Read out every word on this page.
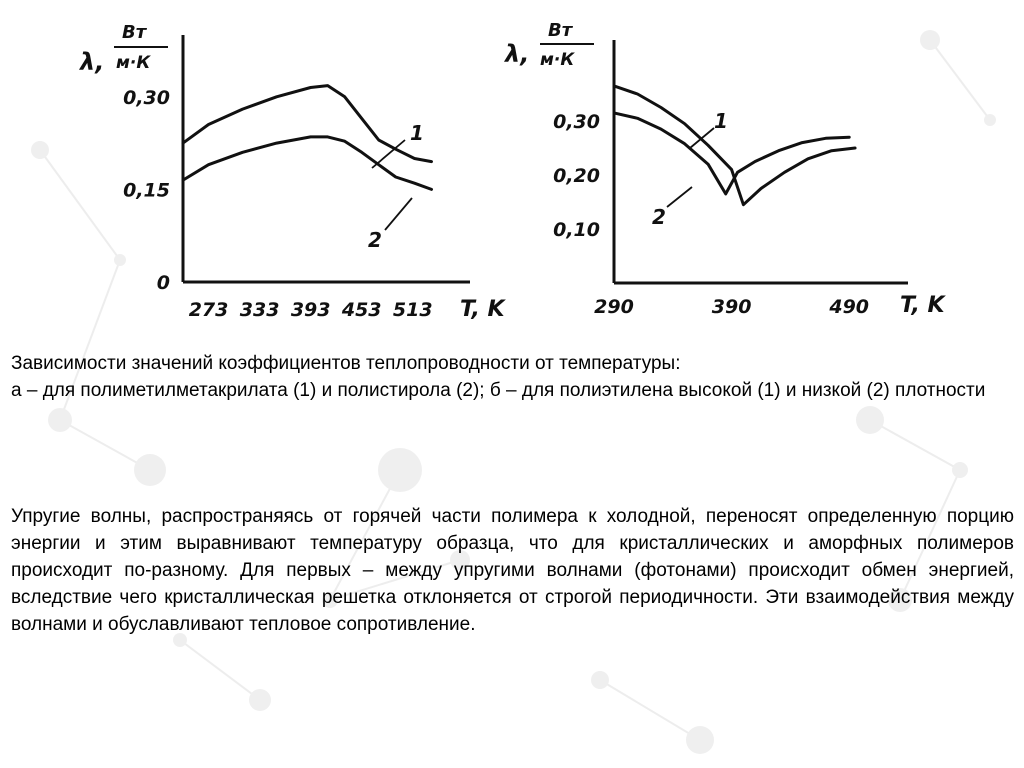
λ,
Вт
м·К
0
0,15
0,30
273 333 393 453 513 T, K
1
2
λ,
Вт
м·К
0,10
0,20
0,30
290	390	490 T, K
1
2

Зависимости значений коэффициентов теплопроводности от температуры:

а – для полиметилметакрилата (1) и полистирола (2); б – для полиэтилена высокой (1) и низкой (2) плотности

Упругие волны, распространяясь от горячей части полимера к холодной, переносят определенную порцию энергии и этим выравнивают температуру образца, что для кристаллических и аморфных полимеров происходит по-разному. Для первых – между упругими волнами (фотонами) происходит обмен энергией, вследствие чего кристаллическая решетка отклоняется от строгой периодичности. Эти взаимодействия между волнами и обуславливают тепловое сопротивление.
